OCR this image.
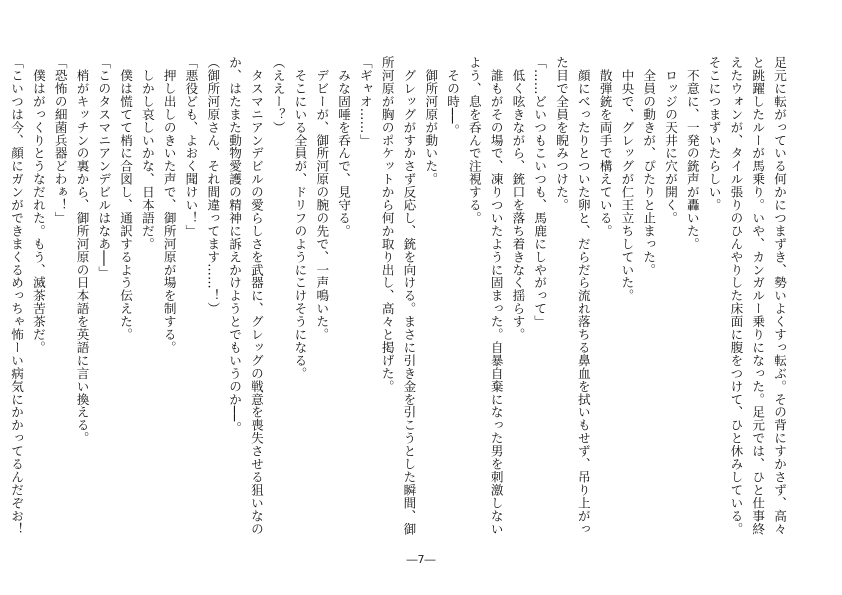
足元に転がっている何かにつまずき、勢いよくすっ転ぶ。その背にすかさず、高々と跳躍したルーが馬乗り。いや、カンガルー乗りになった。足元では、ひと仕事終えたウォンが、タイル張りのひんやりした床面に腹をつけて、ひと休みしている。そこにつまずいたらしい。

　不意に、一発の銃声が轟いた。

　ロッジの天井に穴が開く。

　全員の動きが、ぴたりと止まった。

　中央で、グレッグが仁王立ちしていた。

　散弾銃を両手で構えている。

　顔にべったりとついた卵と、だらだら流れ落ちる鼻血を拭いもせず、吊り上がった目で全員を睨みつけた。

「……どいつもこいつも、馬鹿にしやがって」

　低く呟きながら、銃口を落ち着きなく揺らす。

　誰もがその場で、凍りついたように固まった。自暴自棄になった男を刺激しないよう、息を呑んで注視する。

　その時──。

　御所河原が動いた。

　グレッグがすかさず反応し、銃を向ける。まさに引き金を引こうとした瞬間、御所河原が胸のポケットから何か取り出し、高々と掲げた。

「ギャオ……」

　みな固唾を呑んで、見守る。

　デビーが、御所河原の腕の先で、一声鳴いた。

　そこにいる全員が、ドリフのようにこけそうになる。

（ええー？）

　タスマニアンデビルの愛らしさを武器に、グレッグの戦意を喪失させる狙いなのか、はたまた動物愛護の精神に訴えかけようとでもいうのか──。

（御所河原さん、それ間違ってます……！）

「悪役ども、よおく聞けい！」

　押し出しのきいた声で、御所河原が場を制する。

　しかし哀しいかな、日本語だ。

　僕は慌てて梢に合図し、通訳するよう伝えた。

「このタスマニアンデビルはなあ──」

　梢がキッチンの裏から、御所河原の日本語を英語に言い換える。

「恐怖の細菌兵器どわぁ！」

　僕はがっくりとうなだれた。もう、滅茶苦茶だ。

「こいつは今、顔にガンができまくるめっちゃ怖ーい病気にかかってるんだぞお！

―7―
